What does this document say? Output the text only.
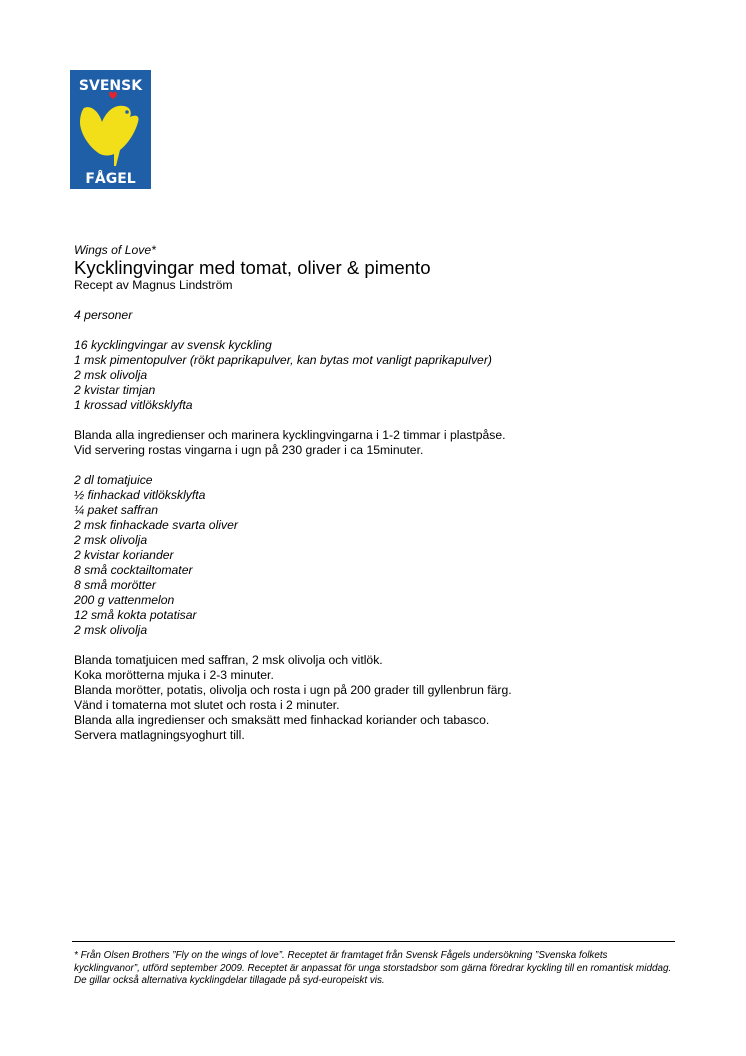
SVENSK
FÅGEL
Wings of Love*
Kycklingvingar med tomat, oliver & pimento
Recept av Magnus Lindström
4 personer
16 kycklingvingar av svensk kyckling
1 msk pimentopulver (rökt paprikapulver, kan bytas mot vanligt paprikapulver)
2 msk olivolja
2 kvistar timjan
1 krossad vitlöksklyfta
Blanda alla ingredienser och marinera kycklingvingarna i 1-2 timmar i plastpåse.
Vid servering rostas vingarna i ugn på 230 grader i ca 15minuter.
2 dl tomatjuice
½ finhackad vitlöksklyfta
¼ paket saffran
2 msk finhackade svarta oliver
2 msk olivolja
2 kvistar koriander
8 små cocktailtomater
8 små morötter
200 g vattenmelon
12 små kokta potatisar
2 msk olivolja
Blanda tomatjuicen med saffran, 2 msk olivolja och vitlök.
Koka morötterna mjuka i 2-3 minuter.
Blanda morötter, potatis, olivolja och rosta i ugn på 200 grader till gyllenbrun färg.
Vänd i tomaterna mot slutet och rosta i 2 minuter.
Blanda alla ingredienser och smaksätt med finhackad koriander och tabasco.
Servera matlagningsyoghurt till.
* Från Olsen Brothers ”Fly on the wings of love”. Receptet är framtaget från Svensk Fågels undersökning ”Svenska folkets kycklingvanor”, utförd september 2009. Receptet är anpassat för unga storstadsbor som gärna föredrar kyckling till en romantisk middag. De gillar också alternativa kycklingdelar tillagade på syd-europeiskt vis.
